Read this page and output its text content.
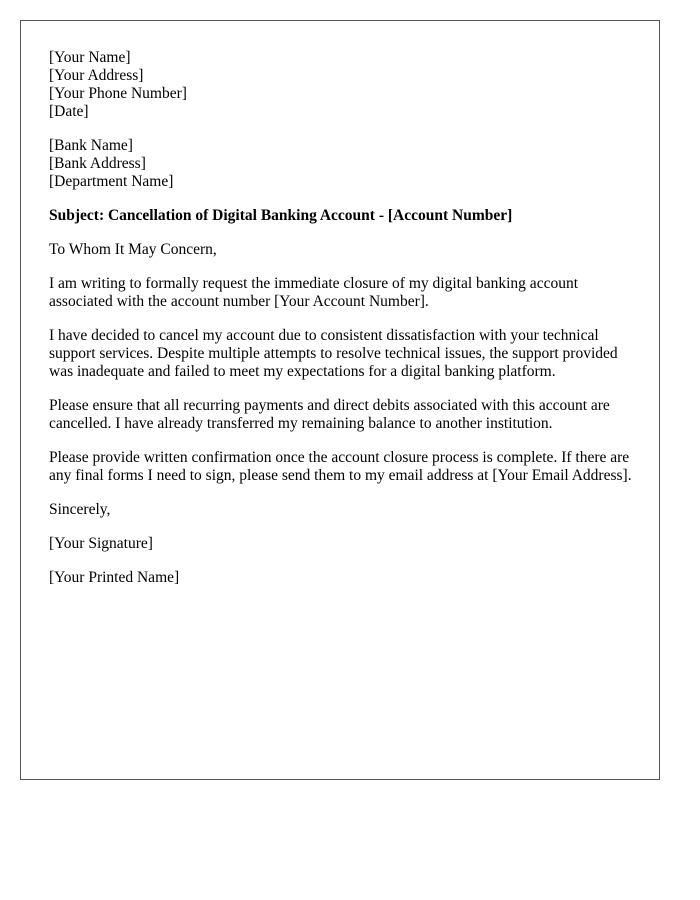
[Your Name]
[Your Address]
[Your Phone Number]
[Date]
[Bank Name]
[Bank Address]
[Department Name]

Subject: Cancellation of Digital Banking Account - [Account Number]

To Whom It May Concern,

I am writing to formally request the immediate closure of my digital banking account associated with the account number [Your Account Number].

I have decided to cancel my account due to consistent dissatisfaction with your technical support services. Despite multiple attempts to resolve technical issues, the support provided was inadequate and failed to meet my expectations for a digital banking platform.

Please ensure that all recurring payments and direct debits associated with this account are cancelled. I have already transferred my remaining balance to another institution.

Please provide written confirmation once the account closure process is complete. If there are any final forms I need to sign, please send them to my email address at [Your Email Address].

Sincerely,

[Your Signature]

[Your Printed Name]
